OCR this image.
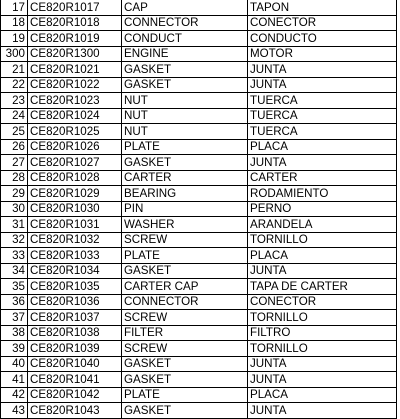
17	CE820R1017	CAP	TAPON
18	CE820R1018	CONNECTOR	CONECTOR
19	CE820R1019	CONDUCT	CONDUCTO
300	CE820R1300	ENGINE	MOTOR
21	CE820R1021	GASKET	JUNTA
22	CE820R1022	GASKET	JUNTA
23	CE820R1023	NUT	TUERCA
24	CE820R1024	NUT	TUERCA
25	CE820R1025	NUT	TUERCA
26	CE820R1026	PLATE	PLACA
27	CE820R1027	GASKET	JUNTA
28	CE820R1028	CARTER	CARTER
29	CE820R1029	BEARING	RODAMIENTO
30	CE820R1030	PIN	PERNO
31	CE820R1031	WASHER	ARANDELA
32	CE820R1032	SCREW	TORNILLO
33	CE820R1033	PLATE	PLACA
34	CE820R1034	GASKET	JUNTA
35	CE820R1035	CARTER CAP	TAPA DE CARTER
36	CE820R1036	CONNECTOR	CONECTOR
37	CE820R1037	SCREW	TORNILLO
38	CE820R1038	FILTER	FILTRO
39	CE820R1039	SCREW	TORNILLO
40	CE820R1040	GASKET	JUNTA
41	CE820R1041	GASKET	JUNTA
42	CE820R1042	PLATE	PLACA
43	CE820R1043	GASKET	JUNTA
